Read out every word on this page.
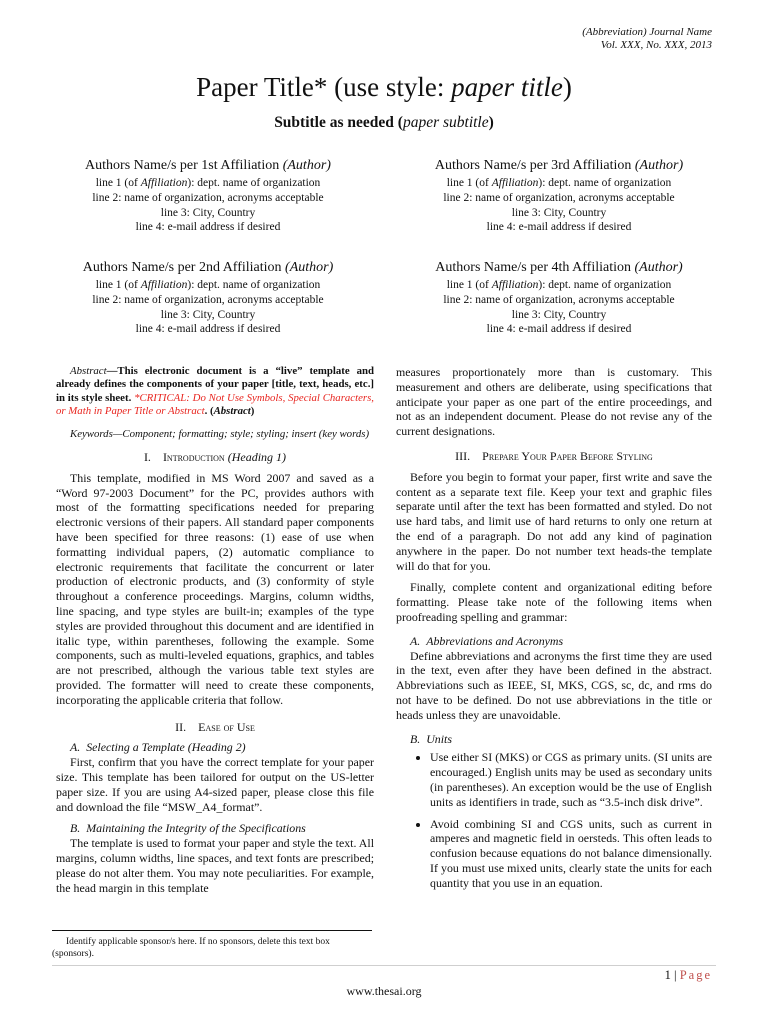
(Abbreviation) Journal Name
Vol. XXX, No. XXX, 2013
Paper Title* (use style: paper title)
Subtitle as needed (paper subtitle)
Authors Name/s per 1st Affiliation (Author)
line 1 (of Affiliation): dept. name of organization
line 2: name of organization, acronyms acceptable
line 3: City, Country
line 4: e-mail address if desired
Authors Name/s per 3rd Affiliation (Author)
line 1 (of Affiliation): dept. name of organization
line 2: name of organization, acronyms acceptable
line 3: City, Country
line 4: e-mail address if desired
Authors Name/s per 2nd Affiliation (Author)
line 1 (of Affiliation): dept. name of organization
line 2: name of organization, acronyms acceptable
line 3: City, Country
line 4: e-mail address if desired
Authors Name/s per 4th Affiliation (Author)
line 1 (of Affiliation): dept. name of organization
line 2: name of organization, acronyms acceptable
line 3: City, Country
line 4: e-mail address if desired

Abstract—This electronic document is a “live” template and already defines the components of your paper [title, text, heads, etc.] in its style sheet. *CRITICAL: Do Not Use Symbols, Special Characters, or Math in Paper Title or Abstract. (Abstract)

Keywords—Component; formatting; style; styling; insert (key words)

I. Introduction (Heading 1)

This template, modified in MS Word 2007 and saved as a “Word 97-2003 Document” for the PC, provides authors with most of the formatting specifications needed for preparing electronic versions of their papers. All standard paper components have been specified for three reasons: (1) ease of use when formatting individual papers, (2) automatic compliance to electronic requirements that facilitate the concurrent or later production of electronic products, and (3) conformity of style throughout a conference proceedings. Margins, column widths, line spacing, and type styles are built-in; examples of the type styles are provided throughout this document and are identified in italic type, within parentheses, following the example. Some components, such as multi-leveled equations, graphics, and tables are not prescribed, although the various table text styles are provided. The formatter will need to create these components, incorporating the applicable criteria that follow.

II. Ease of Use

A. Selecting a Template (Heading 2)

First, confirm that you have the correct template for your paper size. This template has been tailored for output on the US-letter paper size. If you are using A4-sized paper, please close this file and download the file “MSW_A4_format”.

B. Maintaining the Integrity of the Specifications

The template is used to format your paper and style the text. All margins, column widths, line spaces, and text fonts are prescribed; please do not alter them. You may note peculiarities. For example, the head margin in this template

measures proportionately more than is customary. This measurement and others are deliberate, using specifications that anticipate your paper as one part of the entire proceedings, and not as an independent document. Please do not revise any of the current designations.

III. Prepare Your Paper Before Styling

Before you begin to format your paper, first write and save the content as a separate text file. Keep your text and graphic files separate until after the text has been formatted and styled. Do not use hard tabs, and limit use of hard returns to only one return at the end of a paragraph. Do not add any kind of pagination anywhere in the paper. Do not number text heads-the template will do that for you.

Finally, complete content and organizational editing before formatting. Please take note of the following items when proofreading spelling and grammar:

A. Abbreviations and Acronyms

Define abbreviations and acronyms the first time they are used in the text, even after they have been defined in the abstract. Abbreviations such as IEEE, SI, MKS, CGS, sc, dc, and rms do not have to be defined. Do not use abbreviations in the title or heads unless they are unavoidable.

B. Units

• Use either SI (MKS) or CGS as primary units. (SI units are encouraged.) English units may be used as secondary units (in parentheses). An exception would be the use of English units as identifiers in trade, such as “3.5-inch disk drive”.
• Avoid combining SI and CGS units, such as current in amperes and magnetic field in oersteds. This often leads to confusion because equations do not balance dimensionally. If you must use mixed units, clearly state the units for each quantity that you use in an equation.
Identify applicable sponsor/s here. If no sponsors, delete this text box (sponsors).
1 | Page
www.thesai.org
